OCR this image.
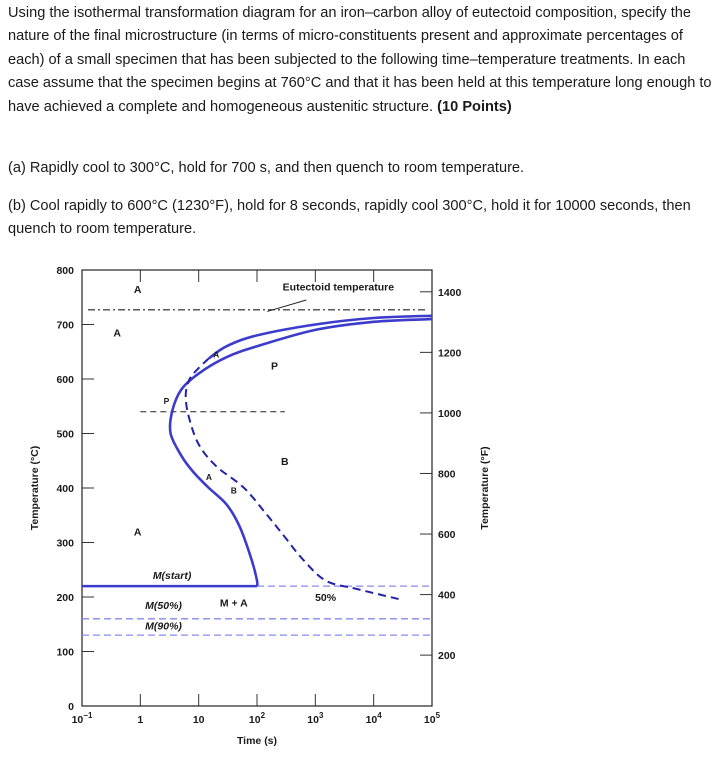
Using the isothermal transformation diagram for an iron–carbon alloy of eutectoid composition, specify the nature of the final microstructure (in terms of micro-constituents present and approximate percentages of each) of a small specimen that has been subjected to the following time–temperature treatments. In each case assume that the specimen begins at 760°C and that it has been held at this temperature long enough to have achieved a complete and homogeneous austenitic structure. (10 Points)
(a) Rapidly cool to 300°C, hold for 700 s, and then quench to room temperature.
(b) Cool rapidly to 600°C (1230°F), hold for 8 seconds, rapidly cool 300°C, hold it for 10000 seconds, then quench to room temperature.
0
100
200
300
400
500
600
700
800
200
400
600
800
1000
1200
1400
$10^{-1}$	1	10	$10^2$	$10^3$	$10^4$	$10^5$
Time (s)
Temperature (°C)	Temperature (°F)
A
A
P
B
A
M(start)
M + A
M(50%)
M(90%)
50%
Eutectoid temperature
A
P
A
B
